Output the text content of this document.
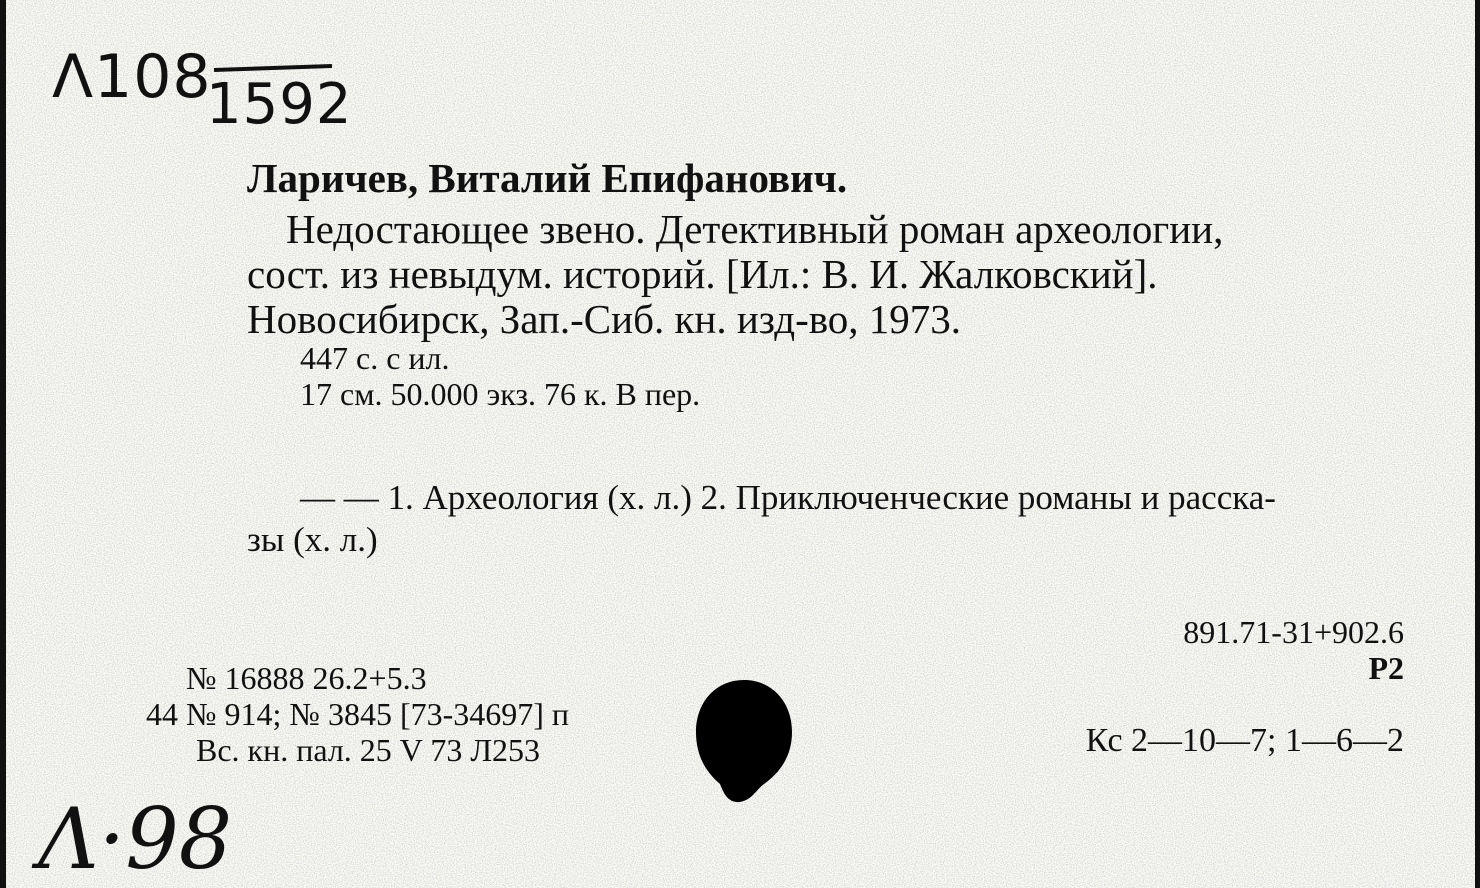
Λ108
1592
Ларичев, Виталий Епифанович.
Недостающее звено. Детективный роман археологии,
сост. из невыдум. историй. [Ил.: В. И. Жалковский].
Новосибирск, Зап.-Сиб. кн. изд-во, 1973.
447 с. с ил.
17 см. 50.000 экз. 76 к. В пер.
— — 1. Археология (х. л.) 2. Приключенческие романы и расска-
зы (х. л.)
891.71-31+902.6
Р2
Кс 2—10—7; 1—6—2
№ 16888 26.2+5.3
44 № 914; № 3845 [73-34697] п
Вс. кн. пал. 25 V 73 Л253
Λ·98
